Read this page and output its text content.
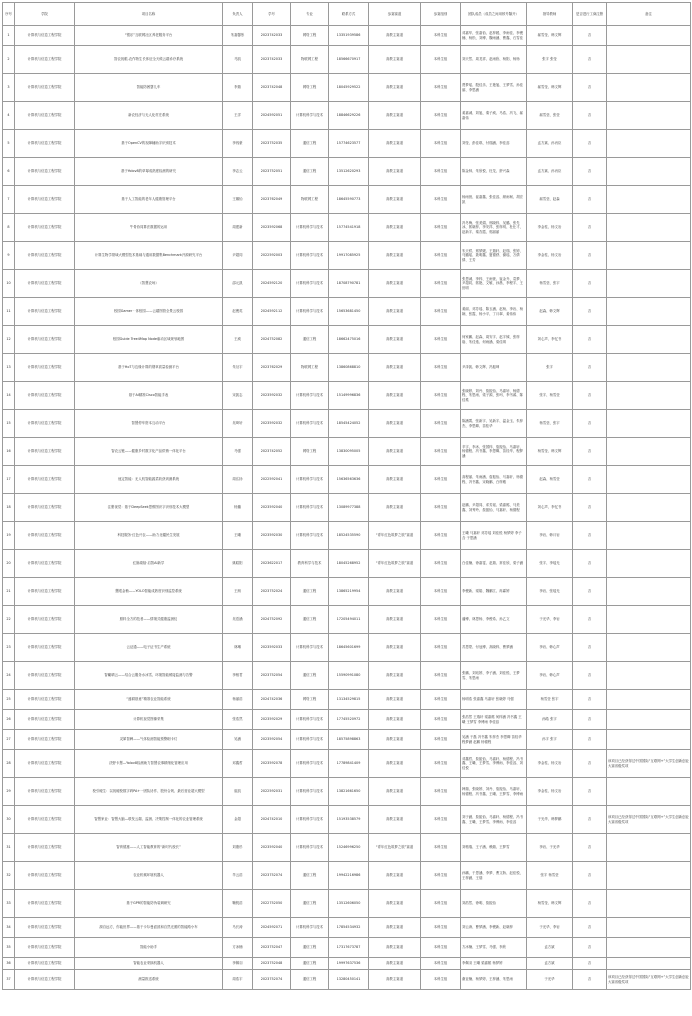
序号	学院	项目名称	负责人	学号	专业	联系方式	参赛赛道	参赛组别	团队成员（成员之间用顿号隔开）	指导教师	是否进行工商注册	备注
1	计算机与信息工程学院	“银乐”互联网社区养老服务平台	朱嘉馨彤	2023742033	网络工程	13351939586	高教主赛道	本科生组	邓嘉华、张嘉怡、赵梓媛、李雨佳、李俊楠、杨松、刘博、魏雨涵、曹鑫、石雪佳	郝雪莹、韩文辉	否	
2	计算机与信息工程学院	智农视眼-农作物生长体征全天候云端诊疗系统	马凯	2023742033	物联网工程	18566670917	高教主赛道	本科生组	刘天然、周龙祥、赵雨欣、杨阳、杨杨	张宇 张莹	否	
3	计算机与信息工程学院	智能防困婴儿车	李瑞	2023742048	网络工程	18045929522	高教主赛道	本科生组	贾梦瑶、殷佳乐、王艳旭、王梦雪、孙佳丽、李思涵	郝雪莹、韩文辉	否	
4	计算机与信息工程学院	新农经济与无人化村庄系统	王洋	2024592051	计算机科学与技术	18846629226	高教主赛道	本科生组	姜嘉诚、刘旭、秦子威、马浩、冯飞、郝嘉伟	郝雪莹、张莹	否	
5	计算机与信息工程学院	基于OpenCV的视障辅助字识别技术	李闯豪	2023752035	通信工程	15774623577	高教主赛道	本科生组	刘莹、彭佳琪、付瑞涵、李佳蕊	孟方斌、孙丙臣	否	
6	计算机与信息工程学院	基于Yolov8的草莓成熟度检测的研究	李志云	2023752051	通信工程	13512620293	高教主赛道	本科生组	陈金帅、朱欣悦、杜龙、舒兴森	孟方斌、孙丙臣	否	
7	计算机与信息工程学院	基于人工智能的老年人健康管理平台	王娜怡	2023762049	物联网工程	18645590773	高教主赛道	本科生组	杨雨萱、崔嘉鑫、张佳蕊、颜雨柯、胡宏凯	郝雪莹、赵森	否	
8	计算机与信息工程学院	牛骨协同算法数据的运用	周建新	2023592068	计算机科学与技术	15774541918	高教主赛道	本科生组	冯冬梅、张美娟、邢晓梓、吴璐、张先冰、郭晓梓、李安祥、张梓玥、杜仕才、赵新宇、秦杏霞、郭丽丽	李金柱、杨文岩	否	
9	计算机与信息工程学院	计算生物学领域大模型技术基础与通用数据集Benchmark开源研究平台	尹超同	2022592003	计算机科学与技术	19917085925	高教主赛道	本科生组	朱天骄、邢梦媛、王瑞轩、赵瑞、张婷、马璐瑶、聂明鑫、夏德舒、谢瑶、万倩倩、王芳	李金柱、杨文岩	否	
10	计算机与信息工程学院	《智慧农场》	邵元凯	2024592120	计算机科学与技术	18708790781	高教主赛道	本科生组	张思诚、李梓、王雨萱、崔金升、袁梦、尹超同、郭艳、文敏、孙晨、李程宇、王世明	杨雪莹、张宇	否	
11	计算机与信息工程学院	校园Gamer · 体校园——云端图管全景云校园	赵俊英	2024592112	计算机科学与技术	15653681450	高教主赛道	本科生组	姜丽、邓芳瑶、陈玉涵、赵杨、李岩、杨婉、张霞、杨小平、丁月翠、姜伟伟	赵森、韩文辉	否	
12	计算机与信息工程学院	校园Guide Tree4Map Node驱动区域规划地图	王威	2024752082	通信工程	18662475016	高教主赛道	本科生组	何家鹏、赵森、周安宇、赵宇铖、张梓晗、朱佳逸、何雨涵、梁佳琪	刘心声、李忆书	否	
13	计算机与信息工程学院	基于HoT与边缘计算的烟草质量检测平台	朱衍宇	2023762029	物联网工程	13860868810	高教主赛道	本科生组	尹泽凯、韩文辉、冯振坤	张宇	否	
14	计算机与信息工程学院	基于AI精准Cisco智能手表	宋凯志	2023592032	计算机科学与技术	15149996836	高教主赛道	本科生组	张晓婷、刘丹、詹振怡、马嘉轩、杨德程、朱思雨、梁子源、张珂、李书睿、陈佳柔	张宇、杨雪莹	否	
15	计算机与信息工程学院	智慧停车资本互动平台	吴琦轩	2023592032	计算机科学与技术	18545424052	高教主赛道	本科生组	陈涵霄、张新宇、吴新宇、温金玉、朱梓杰、李思卿、苗桂华	杨雪莹、张宇	否	
16	计算机与信息工程学院	智农云链——健康乡村数字化产品供销一体化平台	马强	2023742052	网络工程	13830095005	高教主赛道	本科生组	辛宇、李冰、张国梓、詹振怡、马嘉轩、杨德程、冯书鑫、李思卿、苗桂华、程梦涵	杨雪莹、韩文辉	否	
17	计算机与信息工程学院	他定智能：无人机智能蔬菜收获到测系统	周弘扬	2022592041	计算机科学与技术	15636563636	高教主赛道	本科生组	高程丽、朱雨涵、詹振怡、马嘉轩、杨德程、冯书鑫、宋晓鹏、白梓雅	赵森、杨雪莹	否	
18	计算机与信息工程学院	注册视觉：基于DeepSeek思维图识字识别技术大模型	杨璐	2023592040	计算机科学与技术	13089977388	高教主赛道	本科生组	赵鹏、尹超同、邓芳瑶、梁嘉懿、马美鑫、刘秀玲、詹振怡、马嘉轩、杨德程	刘心声、李忆书	否	
19	计算机与信息工程学院	科技服务·红色兴农——助力北疆民生发展	王曦	2023592030	计算机科学与技术	18524535590	“青年红色筑梦之旅”赛道	本科生组	王曦 马嘉轩 邓芳瑶 刘佳悦 杨梦婷 李子含 于思涵	李岩、韩月岩	否	
20	计算机与信息工程学院	红脉赓续·启智AI新学	姚昭阳	2023622017	教育科学与技术	18045268952	“青年红色筑梦之旅”赛道	本科生组	白佳楠、徐嘉雯、赵瑞、常佳欣、梁子涵	张宇、李瑶光	否	
21	计算机与信息工程学院	慧眼金柚——YOLO智能成熟度识别监控系统	王朗	2023752024	通信工程	13865219954	高教主赛道	本科生组	李俊新、梁皓、魏鹏江、冉霖婷	李岩、张瑶光	否	
22	计算机与信息工程学院	照料全方的技者——情境式健康监测仪	吴语涵	2024752092	通信工程	17205494011	高教主赛道	本科生组	潘博、林思杨、李俊希、孙乙文	于光华、李岩	否	
23	计算机与信息工程学院	云证通——电子证书生产系统	林琳	2023592033	计算机科学与技术	18645601699	高教主赛道	本科生组	苏思蒙、付冠博、高晓梓、曹梦涵	李岩、韩心声	否	
24	计算机与信息工程学院	智瞰晴云——结合云服务水冰雪、环境智能缓接监测与告警	李相君	2023752054	通信工程	15590991080	高教主赛道	本科生组	张鹏、刘宛婷、李子涵、刘佳悦、王梦雪、朱思雨	李岩、韩心声	否	
25	计算机与信息工程学院	“盛耕基意”精准农业智能系统	杨丽浩	2024742036	网络工程	13134529815	高教主赛道	本科生组	杨明浩 张嘉鑫 马嘉轩 张晓婷 马强	杨雪莹 张宇	否	
26	计算机与信息工程学院	计算机视觉图像采集	张浩然	2023592029	计算机科学与技术	17745520972	高教主赛道	本科生组	张浩然 王瑞轩 梁嘉懿 何梓涵 冯书鑫 王曦 王梦雪 李博雨 李佳蕊	孙皓 张宇	否	
27	计算机与信息工程学院	灵犀智眸——气体检测智能预警刷卡灯	吴涵	2023592054	计算机科学与技术	18575898863	高教主赛道	本科生组	吴涵 于磊 冯书鑫 朱梓杰 李思卿 苗桂华 程梦涵 赵鹏 杨德程	孙宇 张宇	否	
28	计算机与信息工程学院	沃野卡慧—Yolov8检测助力智慧农事精细化管理应用	邓鑫哲	2023592078	计算机科学与技术	17789841409	高教主赛道	本科生组	邓鑫哲、詹振怡、马嘉轩、杨德程、冯书鑫、王曦、王梦雪、李博雨、李佳蕊、刘佳悦	李金柱、杨文岩	否	该项目已经获得过中国国际“互联网+”大学生创新创业大赛省级奖项
29	计算机与信息工程学院	校引硬生：以视硬校数字码PA+一团队协作、股份合规、最后营业超大模型	崔凯	2022592031	计算机科学与技术	13821661650	高教主赛道	本科生组	韩瑞、张晓婷、刘丹、詹振怡、马嘉轩、杨德程、冯书鑫、王曦、王梦雪、李博雨	李金柱、杨文岩	否	
30	计算机与信息工程学院	智慧家业：智慧大脑—联发云端、监测、决策控制一体化的农业管理系统	金超	2024742010	计算机科学与技术	15193538579	高教主赛道	本科生组	刘子涵、詹振怡、马嘉轩、杨德程、冯书鑫、王曦、王梦雪、李博雨、李佳蕊	于光华、韩梦鹏	否	该项目已经获得过中国国际“互联网+”大学生创新创业大赛省级奖项
31	计算机与信息工程学院	智育德惠——人工智能教育的“新时代校长”	刘康杉	2023592040	计算机科学与技术	15246996250	“青年红色筑梦之旅”赛道	本科生组	刘格瑞、王子涵、赖瑞、王梦雪	李岩、于光华	否	
32	计算机与信息工程学院	农业机械环境机器人	毕云浩	2023752074	通信工程	19942216986	高教主赛道	本科生组	孙鹏、于思涵、李梦、曹文娇、赵佳悦、王梓涵、王瑞	张宇 杨雪莹	否	
33	计算机与信息工程学院	基于GPR的智能防伪装调研究	鞠锐浩	2022752050	通信工程	13512606050	高教主赛道	本科生组	刘浩然、徐明、詹振怡	杨雪莹、韩文辉	否	
34	计算机与信息工程学院	源自远方，你能世界——基于卡尔曼滤波和自然光照的智能路小车	马长涛	2024592071	计算机科学与技术	17854534932	高教主赛道	本科生组	刘云涛、曹梦涵、李俊新、赵晓梓	于光华、李岩	否	
35	计算机与信息工程学院	智能小助手	方冰楠	2023752047	通信工程	17317673787	高教主赛道	本科生组	方冰楠、王梦雪、马强、李欣	孟方斌	否	
36	计算机与信息工程学院	智能农业采摘机器人	李佩羽	2023752048	通信工程	19997637536	高教主赛道	本科生组	李佩羽 王曦 梁嘉懿 杨梦婷	孟方斌	否	
37	计算机与信息工程学院	测量推送系统	周浩宇	2023752074	通信工程	13280450141	高教主赛道	本科生组	谢亚楠、杨梦婷、王梓涵、朱思雨	于光华	否	该项目已经获得过中国国际“互联网+”大学生创新创业大赛省级奖项
